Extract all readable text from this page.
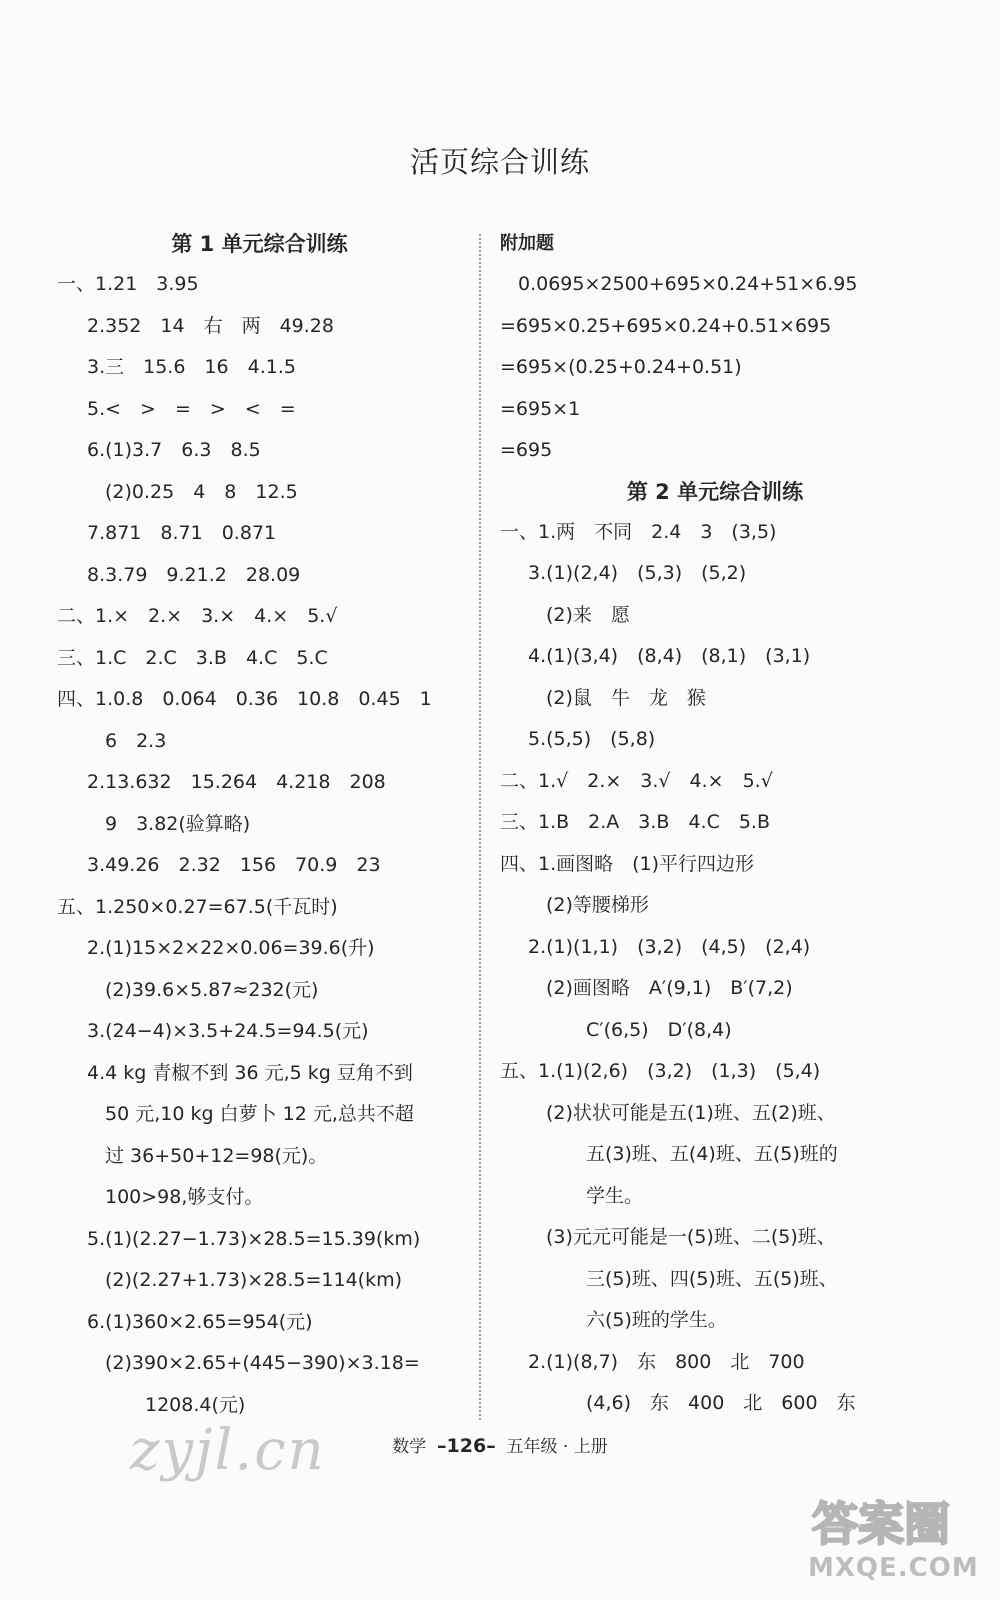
活页综合训练
第 1 单元综合训练
一、1.21　3.95
2.352　14　右　两　49.28
3.三　15.6　16　4.1.5
5.<　>　=　>　<　=
6.(1)3.7　6.3　8.5
(2)0.25　4　8　12.5
7.871　8.71　0.871
8.3.79　9.21.2　28.09
二、1.×　2.×　3.×　4.×　5.√
三、1.C　2.C　3.B　4.C　5.C
四、1.0.8　0.064　0.36　10.8　0.45　1
6　2.3
2.13.632　15.264　4.218　208
9　3.82(验算略)
3.49.26　2.32　156　70.9　23
五、1.250×0.27=67.5(千瓦时)
2.(1)15×2×22×0.06=39.6(升)
(2)39.6×5.87≈232(元)
3.(24−4)×3.5+24.5=94.5(元)
4.4 kg 青椒不到 36 元,5 kg 豆角不到
50 元,10 kg 白萝卜 12 元,总共不超
过 36+50+12=98(元)。
100>98,够支付。
5.(1)(2.27−1.73)×28.5=15.39(km)
(2)(2.27+1.73)×28.5=114(km)
6.(1)360×2.65=954(元)
(2)390×2.65+(445−390)×3.18=
1208.4(元)
附加题
0.0695×2500+695×0.24+51×6.95
=695×0.25+695×0.24+0.51×695
=695×(0.25+0.24+0.51)
=695×1
=695
第 2 单元综合训练
一、1.两　不同　2.4　3　(3,5)
3.(1)(2,4)　(5,3)　(5,2)
(2)来　愿
4.(1)(3,4)　(8,4)　(8,1)　(3,1)
(2)鼠　牛　龙　猴
5.(5,5)　(5,8)
二、1.√　2.×　3.√　4.×　5.√
三、1.B　2.A　3.B　4.C　5.B
四、1.画图略　(1)平行四边形
(2)等腰梯形
2.(1)(1,1)　(3,2)　(4,5)　(2,4)
(2)画图略　A′(9,1)　B′(7,2)
C′(6,5)　D′(8,4)
五、1.(1)(2,6)　(3,2)　(1,3)　(5,4)
(2)状状可能是五(1)班、五(2)班、
五(3)班、五(4)班、五(5)班的
学生。
(3)元元可能是一(5)班、二(5)班、
三(5)班、四(5)班、五(5)班、
六(5)班的学生。
2.(1)(8,7)　东　800　北　700
(4,6)　东　400　北　600　东
zyjl.cn	数学 –126– 五年级 · 上册
答案圈
MXQE.COM
